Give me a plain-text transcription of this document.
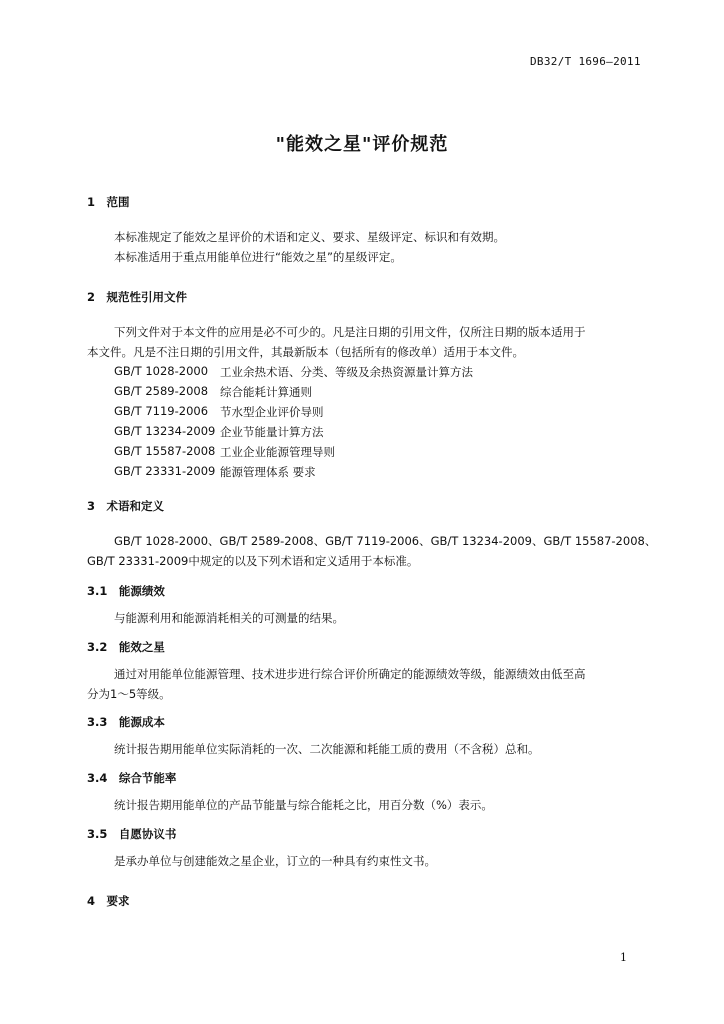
DB32/T 1696—2011
"能效之星"评价规范
1　范围
本标准规定了能效之星评价的术语和定义、要求、星级评定、标识和有效期。
本标准适用于重点用能单位进行“能效之星”的星级评定。
2　规范性引用文件
下列文件对于本文件的应用是必不可少的。凡是注日期的引用文件，仅所注日期的版本适用于
本文件。凡是不注日期的引用文件，其最新版本（包括所有的修改单）适用于本文件。
GB/T 1028-2000 工业余热术语、分类、等级及余热资源量计算方法
GB/T 2589-2008 综合能耗计算通则
GB/T 7119-2006 节水型企业评价导则
GB/T 13234-2009 企业节能量计算方法
GB/T 15587-2008 工业企业能源管理导则
GB/T 23331-2009 能源管理体系 要求
3　术语和定义
GB/T 1028-2000、GB/T 2589-2008、GB/T 7119-2006、GB/T 13234-2009、GB/T 15587-2008、
GB/T 23331-2009中规定的以及下列术语和定义适用于本标准。
3.1　能源绩效
与能源利用和能源消耗相关的可测量的结果。
3.2　能效之星
通过对用能单位能源管理、技术进步进行综合评价所确定的能源绩效等级，能源绩效由低至高
分为1～5等级。
3.3　能源成本
统计报告期用能单位实际消耗的一次、二次能源和耗能工质的费用（不含税）总和。
3.4　综合节能率
统计报告期用能单位的产品节能量与综合能耗之比，用百分数（%）表示。
3.5　自愿协议书
是承办单位与创建能效之星企业，订立的一种具有约束性文书。
4　要求
1
